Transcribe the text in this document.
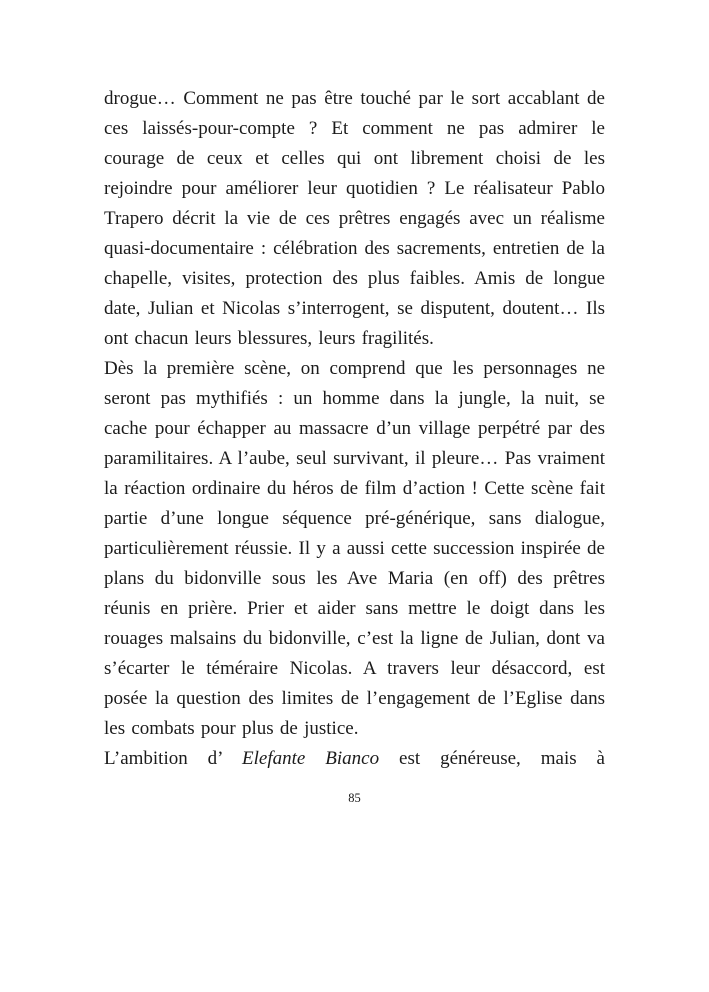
drogue… Comment ne pas être touché par le sort accablant de ces laissés-pour-compte ? Et comment ne pas admirer le courage de ceux et celles qui ont librement choisi de les rejoindre pour améliorer leur quotidien ? Le réalisateur Pablo Trapero décrit la vie de ces prêtres engagés avec un réalisme quasi-documentaire : célébration des sacrements, entretien de la chapelle, visites, protection des plus faibles. Amis de longue date, Julian et Nicolas s’interrogent, se disputent, doutent… Ils ont chacun leurs blessures, leurs fragilités.

Dès la première scène, on comprend que les personnages ne seront pas mythifiés : un homme dans la jungle, la nuit, se cache pour échapper au massacre d’un village perpétré par des paramilitaires. A l’aube, seul survivant, il pleure… Pas vraiment la réaction ordinaire du héros de film d’action ! Cette scène fait partie d’une longue séquence pré-générique, sans dialogue, particulièrement réussie. Il y a aussi cette succession inspirée de plans du bidonville sous les Ave Maria (en off) des prêtres réunis en prière. Prier et aider sans mettre le doigt dans les rouages malsains du bidonville, c’est la ligne de Julian, dont va s’écarter le téméraire Nicolas. A travers leur désaccord, est posée la question des limites de l’engagement de l’Eglise dans les combats pour plus de justice.

L’ambition d’ Elefante Bianco est généreuse, mais à

85
